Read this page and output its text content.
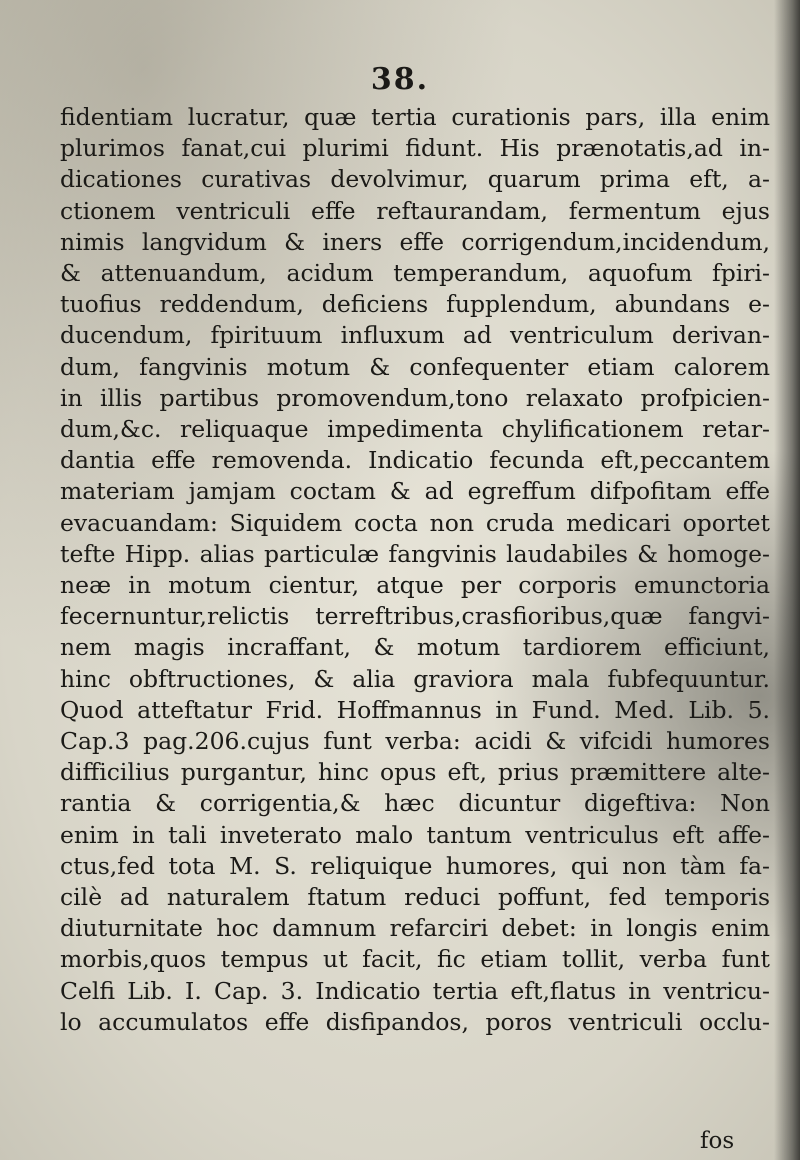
38.
fidentiam lucratur, quæ tertia curationis pars, illa enim
plurimos fanat,cui plurimi fidunt. His prænotatis,ad in-
dicationes curativas devolvimur, quarum prima eft, a-
ctionem ventriculi effe reftaurandam, fermentum ejus
nimis langvidum & iners effe corrigendum,incidendum,
& attenuandum, acidum temperandum, aquofum fpiri-
tuofius reddendum, deficiens fupplendum, abundans e-
ducendum, fpirituum influxum ad ventriculum derivan-
dum, fangvinis motum & confequenter etiam calorem
in illis partibus promovendum,tono relaxato profpicien-
dum,&c. reliquaque impedimenta chylificationem retar-
dantia effe removenda. Indicatio fecunda eft,peccantem
materiam jamjam coctam & ad egreffum difpofitam effe
evacuandam: Siquidem cocta non cruda medicari oportet
tefte Hipp. alias particulæ fangvinis laudabiles & homoge-
neæ in motum cientur, atque per corporis emunctoria
fecernuntur,relictis terreftribus,crasfioribus,quæ fangvi-
nem magis incraffant, & motum tardiorem efficiunt,
hinc obftructiones, & alia graviora mala fubfequuntur.
Quod atteftatur Frid. Hoffmannus in Fund. Med. Lib. 5.
Cap.3 pag.206.cujus funt verba: acidi & vifcidi humores
difficilius purgantur, hinc opus eft, prius præmittere alte-
rantia & corrigentia,& hæc dicuntur digeftiva: Non
enim in tali inveterato malo tantum ventriculus eft affe-
ctus,fed tota M. S. reliquique humores, qui non tàm fa-
cilè ad naturalem ftatum reduci poffunt, fed temporis
diuturnitate hoc damnum refarciri debet: in longis enim
morbis,quos tempus ut facit, fic etiam tollit, verba funt
Celfi Lib. I. Cap. 3. Indicatio tertia eft,flatus in ventricu-
lo accumulatos effe disfipandos, poros ventriculi occlu-
fos
